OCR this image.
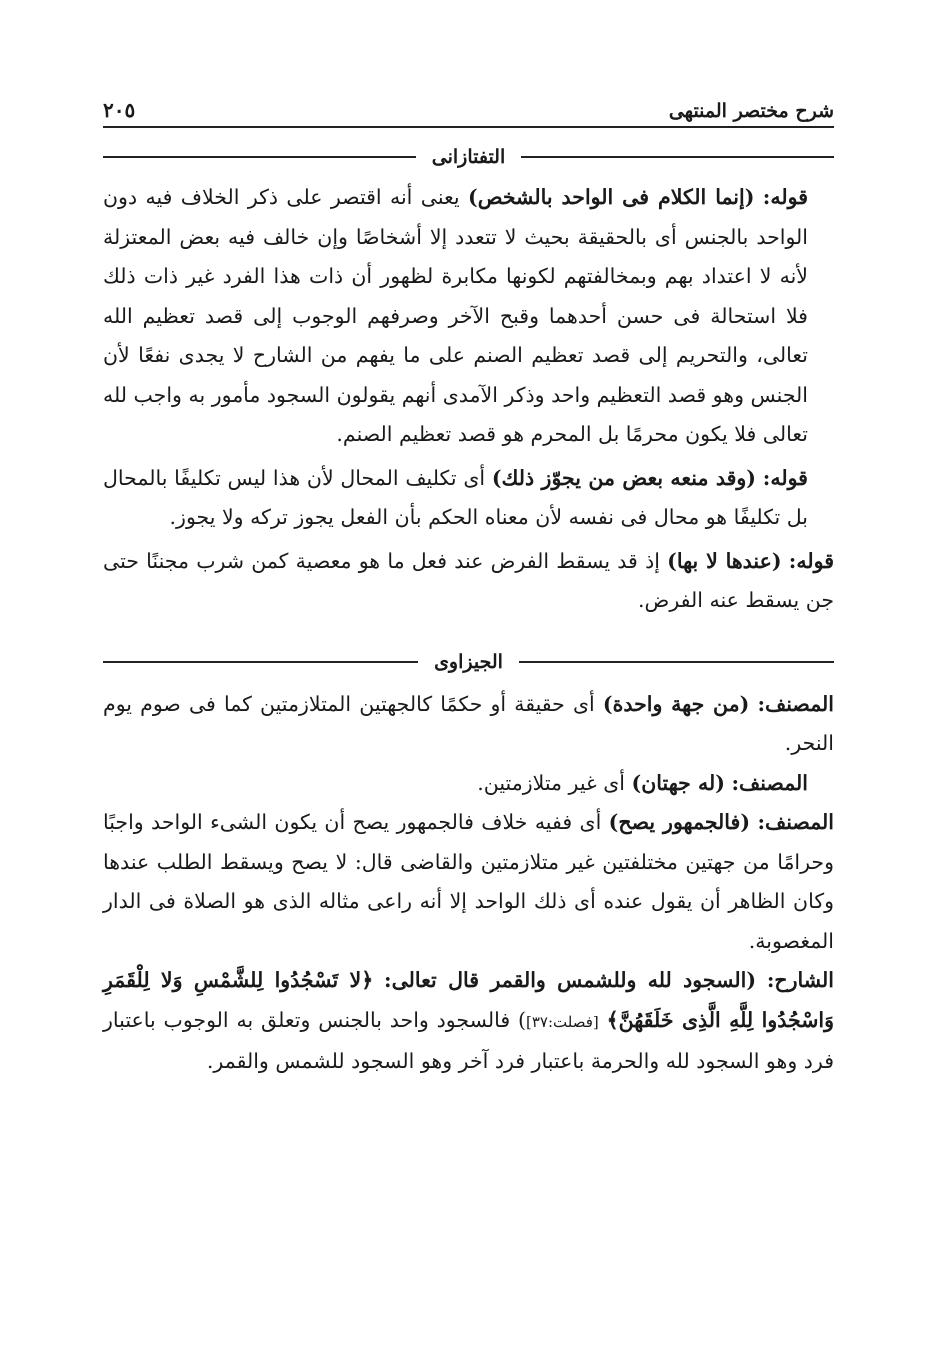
شرح مختصر المنتهى
٢٠٥
التفتازانى

قوله: (إنما الكلام فى الواحد بالشخص) يعنى أنه اقتصر على ذكر الخلاف فيه دون الواحد بالجنس أى بالحقيقة بحيث لا تتعدد إلا أشخاصًا وإن خالف فيه بعض المعتزلة لأنه لا اعتداد بهم وبمخالفتهم لكونها مكابرة لظهور أن ذات هذا الفرد غير ذات ذلك فلا استحالة فى حسن أحدهما وقبح الآخر وصرفهم الوجوب إلى قصد تعظيم الله تعالى، والتحريم إلى قصد تعظيم الصنم على ما يفهم من الشارح لا يجدى نفعًا لأن الجنس وهو قصد التعظيم واحد وذكر الآمدى أنهم يقولون السجود مأمور به واجب لله تعالى فلا يكون محرمًا بل المحرم هو قصد تعظيم الصنم.

قوله: (وقد منعه بعض من يجوّز ذلك) أى تكليف المحال لأن هذا ليس تكليفًا بالمحال بل تكليفًا هو محال فى نفسه لأن معناه الحكم بأن الفعل يجوز تركه ولا يجوز.

قوله: (عندها لا بها) إذ قد يسقط الفرض عند فعل ما هو معصية كمن شرب مجننًا حتى جن يسقط عنه الفرض.

الجيزاوى

المصنف: (من جهة واحدة) أى حقيقة أو حكمًا كالجهتين المتلازمتين كما فى صوم يوم النحر.

المصنف: (له جهتان) أى غير متلازمتين.

المصنف: (فالجمهور يصح) أى ففيه خلاف فالجمهور يصح أن يكون الشىء الواحد واجبًا وحرامًا من جهتين مختلفتين غير متلازمتين والقاضى قال: لا يصح ويسقط الطلب عندها وكان الظاهر أن يقول عنده أى ذلك الواحد إلا أنه راعى مثاله الذى هو الصلاة فى الدار المغصوبة.

الشارح: (السجود لله وللشمس والقمر قال تعالى: ﴿لا تَسْجُدُوا لِلشَّمْسِ وَلا لِلْقَمَرِ وَاسْجُدُوا لِلَّهِ الَّذِى خَلَقَهُنَّ﴾ [فصلت:٣٧]) فالسجود واحد بالجنس وتعلق به الوجوب باعتبار فرد وهو السجود لله والحرمة باعتبار فرد آخر وهو السجود للشمس والقمر.
